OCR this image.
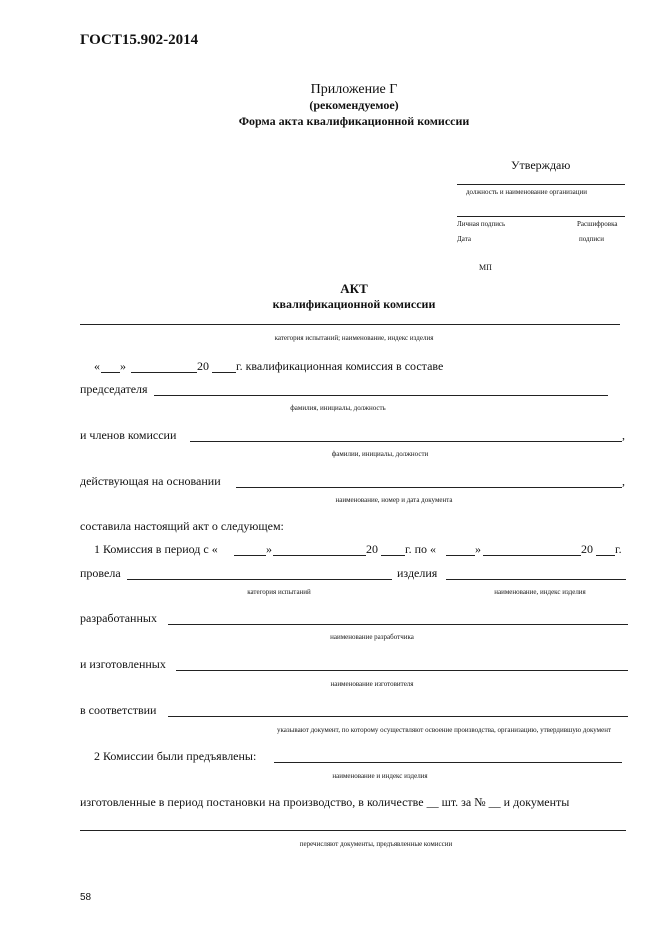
ГОСТ15.902-2014
Приложение Г
(рекомендуемое)
Форма акта квалификационной комиссии
Утверждаю
должность и наименование организации
Личная подпись	Расшифровка
Дата	подписи
МП
АКТ
квалификационной комиссии
категория испытаний; наименование, индекс изделия
« »	20 г. квалификационная комиссия в составе
председателя
фамилия, инициалы, должность
и членов комиссии	,
фамилии, инициалы, должности
действующая на основании	,
наименование, номер и дата документа
составила настоящий акт о следующем:
1 Комиссия в период с «	»	20 г. по «	»	20 г.
провела	изделия
категория испытаний	наименование, индекс изделия
разработанных
наименование разработчика
и изготовленных
наименование изготовителя
в соответствии
указывают документ, по которому осуществляют освоение производства, организацию, утвердившую документ
2 Комиссии были предъявлены:
наименование и индекс изделия
изготовленные в период постановки на производство, в количестве __ шт. за № __ и документы
перечисляют документы, предъявленные комиссии
58
